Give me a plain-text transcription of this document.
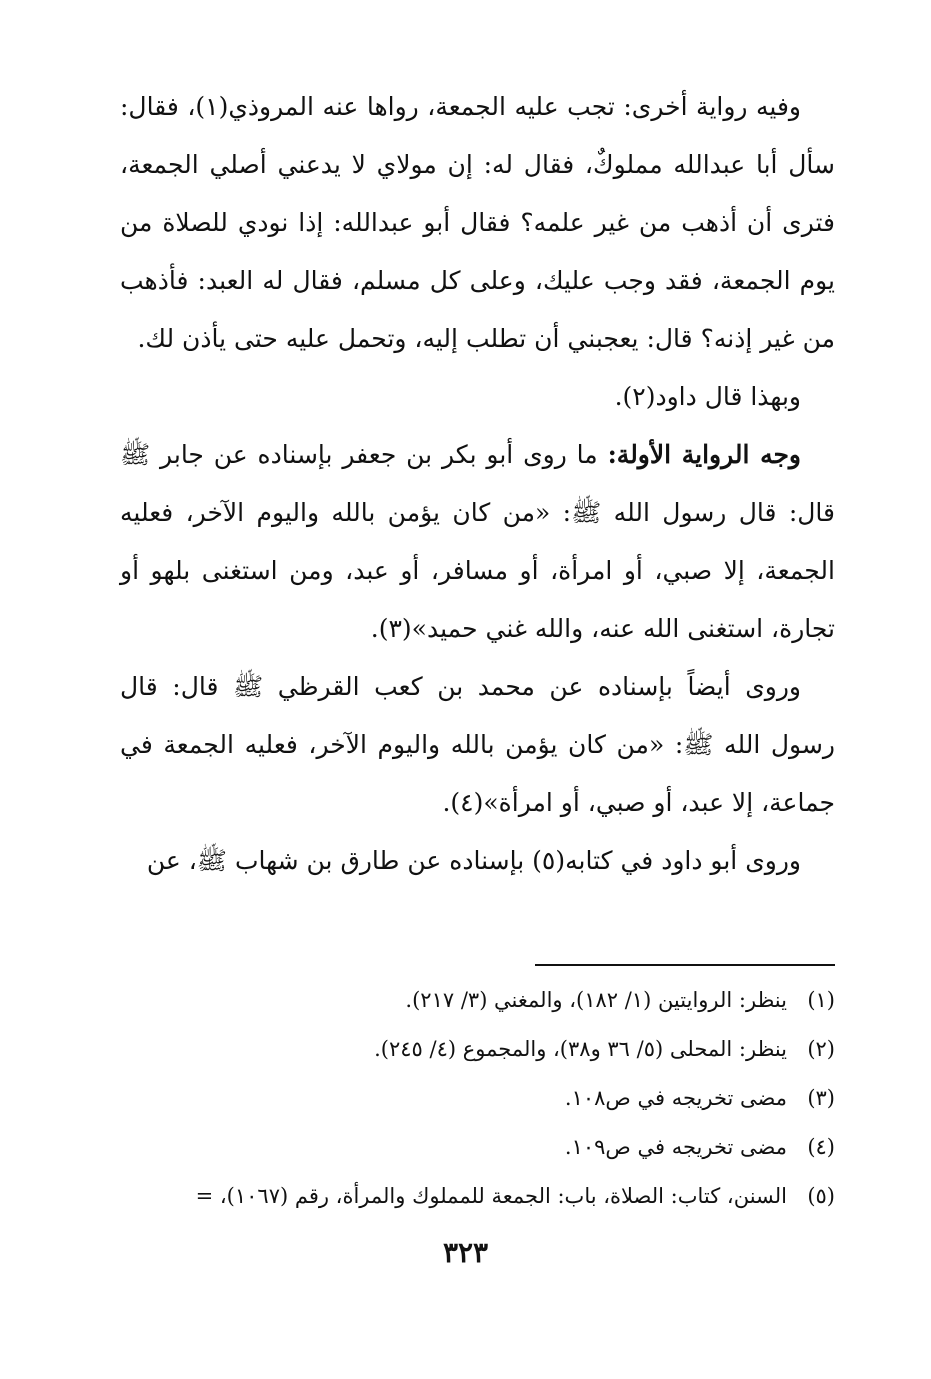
وفيه رواية أخرى: تجب عليه الجمعة، رواها عنه المروذي(١)، فقال: سأل أبا عبدالله مملوكٌ، فقال له: إن مولاي لا يدعني أصلي الجمعة، فترى أن أذهب من غير علمه؟ فقال أبو عبدالله: إذا نودي للصلاة من يوم الجمعة، فقد وجب عليك، وعلى كل مسلم، فقال له العبد: فأذهب من غير إذنه؟ قال: يعجبني أن تطلب إليه، وتحمل عليه حتى يأذن لك.

وبهذا قال داود(٢).

وجه الرواية الأولة: ما روى أبو بكر بن جعفر بإسناده عن جابر ﷺ قال: قال رسول الله ﷺ: «من كان يؤمن بالله واليوم الآخر، فعليه الجمعة، إلا صبي، أو امرأة، أو مسافر، أو عبد، ومن استغنى بلهو أو تجارة، استغنى الله عنه، والله غني حميد»(٣).

وروى أيضاً بإسناده عن محمد بن كعب القرظي ﷺ قال: قال رسول الله ﷺ: «من كان يؤمن بالله واليوم الآخر، فعليه الجمعة في جماعة، إلا عبد، أو صبي، أو امرأة»(٤).

وروى أبو داود في كتابه(٥) بإسناده عن طارق بن شهاب ﷺ، عن

(١)
ينظر: الروايتين (١/ ١٨٢)، والمغني (٣/ ٢١٧).
(٢)
ينظر: المحلى (٥/ ٣٦ و٣٨)، والمجموع (٤/ ٢٤٥).
(٣)
مضى تخريجه في ص١٠٨.
(٤)
مضى تخريجه في ص١٠٩.
(٥)
السنن، كتاب: الصلاة، باب: الجمعة للمملوك والمرأة، رقم (١٠٦٧)، =
٣٢٣
